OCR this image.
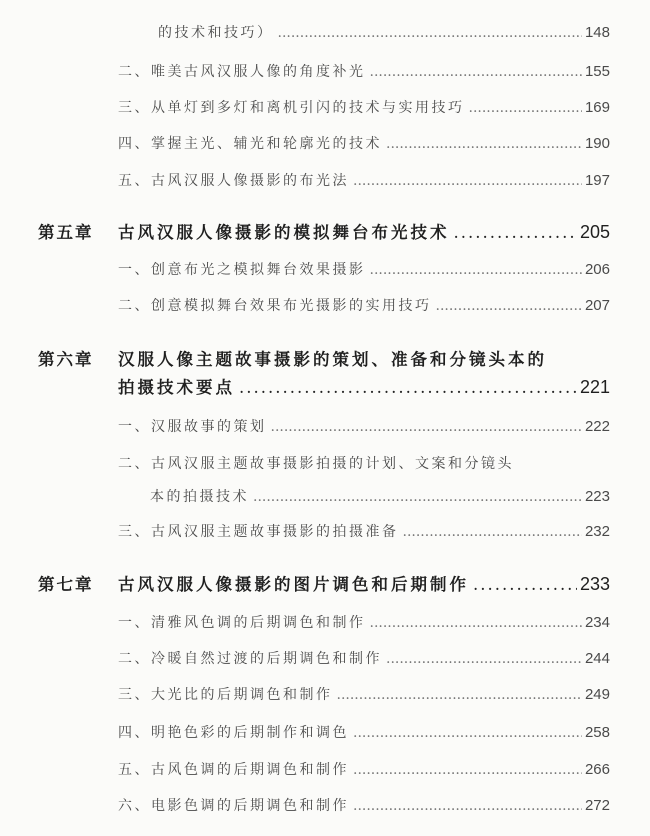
的技术和技巧） .....	148
二、唯美古风汉服人像的角度补光 .....	155
三、从单灯到多灯和离机引闪的技术与实用技巧 .....	169
四、掌握主光、辅光和轮廓光的技术 .....	190
五、古风汉服人像摄影的布光法 .....	197
第五章 古风汉服人像摄影的模拟舞台布光技术 .....	205
一、创意布光之模拟舞台效果摄影 .....	206
二、创意模拟舞台效果布光摄影的实用技巧 .....	207
第六章 汉服人像主题故事摄影的策划、准备和分镜头本的
拍摄技术要点 .....	221
一、汉服故事的策划 .....	222
二、古风汉服主题故事摄影拍摄的计划、文案和分镜头
本的拍摄技术 .....	223
三、古风汉服主题故事摄影的拍摄准备 .....	232
第七章 古风汉服人像摄影的图片调色和后期制作 .....	233
一、清雅风色调的后期调色和制作 .....	234
二、冷暖自然过渡的后期调色和制作 .....	244
三、大光比的后期调色和制作 .....	249
四、明艳色彩的后期制作和调色 .....	258
五、古风色调的后期调色和制作 .....	266
六、电影色调的后期调色和制作 .....	272
